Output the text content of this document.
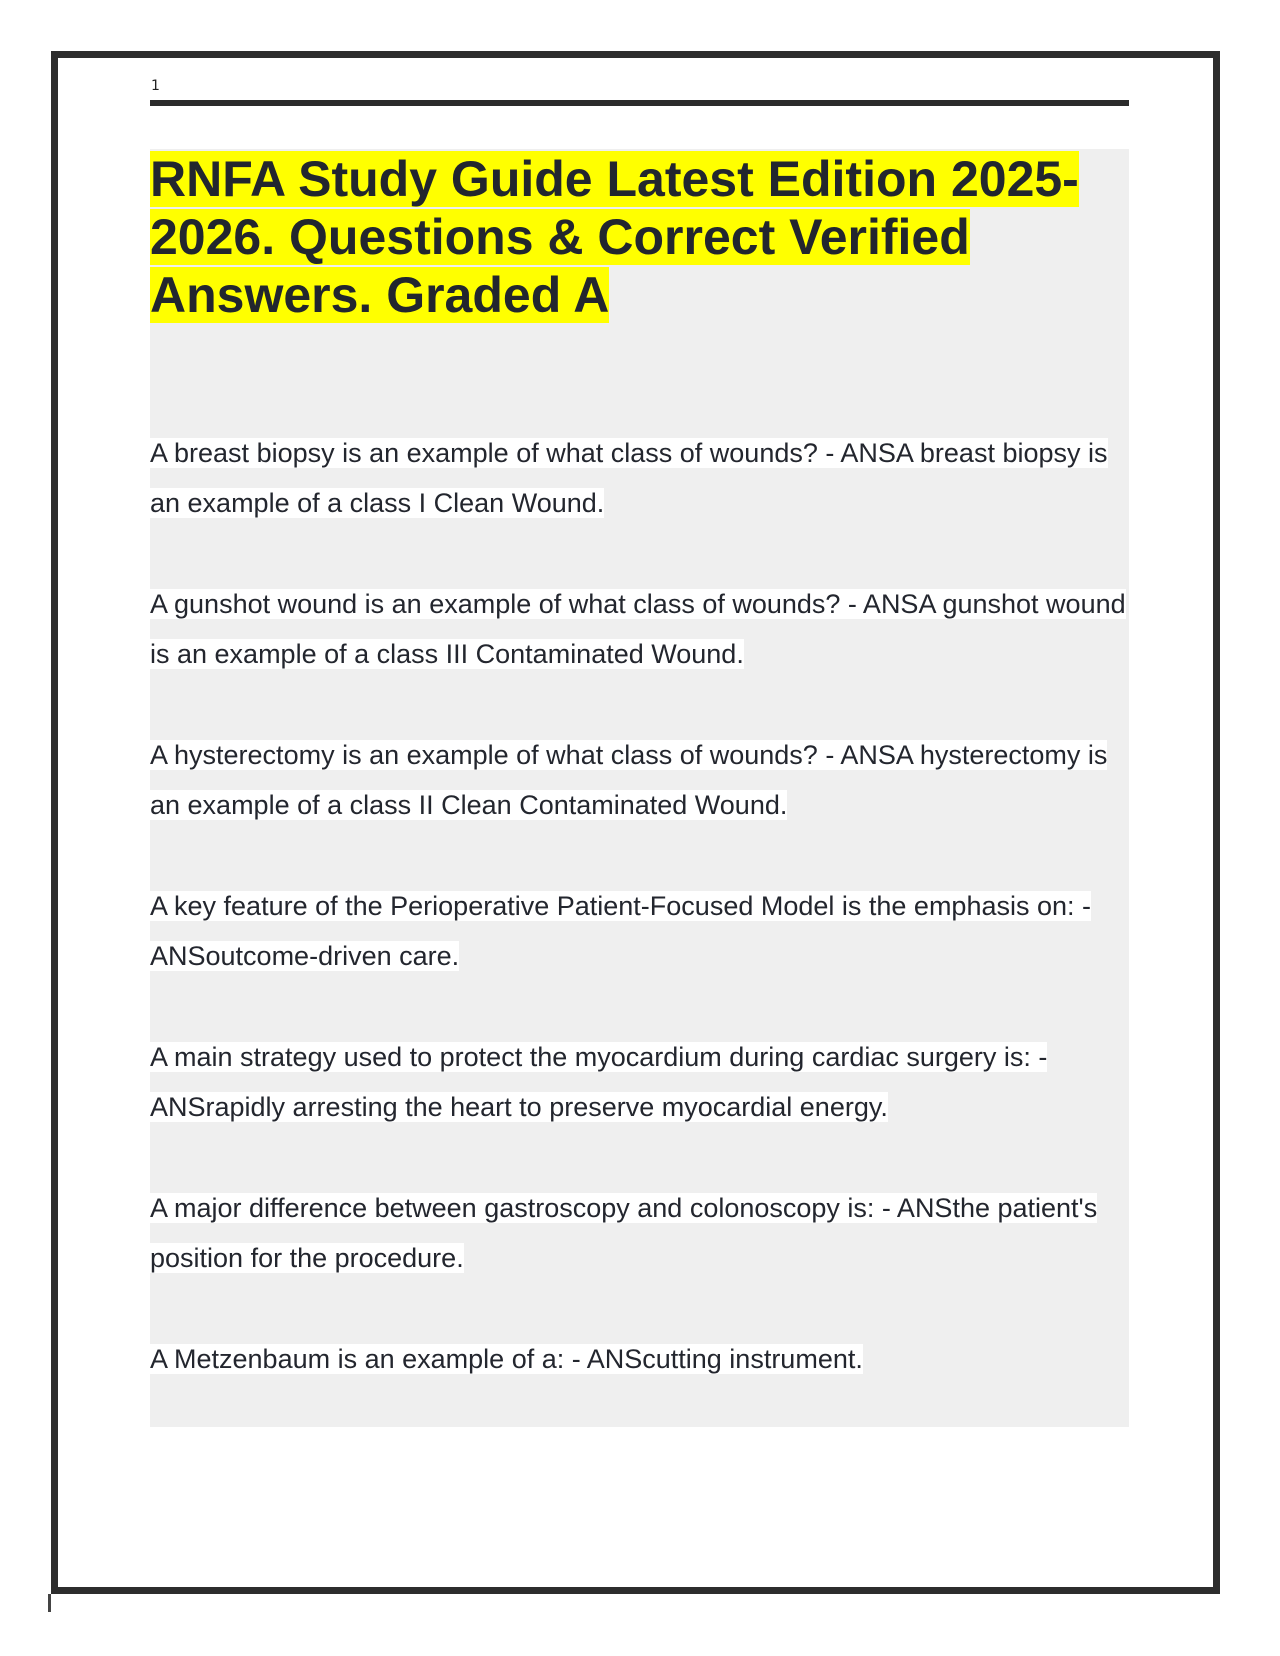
1
RNFA Study Guide Latest Edition 2025-2026. Questions & Correct Verified Answers. Graded A
A breast biopsy is an example of what class of wounds? - ANSA breast biopsy is an example of a class I Clean Wound.
A gunshot wound is an example of what class of wounds? - ANSA gunshot wound is an example of a class III Contaminated Wound.
A hysterectomy is an example of what class of wounds? - ANSA hysterectomy is an example of a class II Clean Contaminated Wound.
A key feature of the Perioperative Patient-Focused Model is the emphasis on: - ANSoutcome-driven care.
A main strategy used to protect the myocardium during cardiac surgery is: - ANSrapidly arresting the heart to preserve myocardial energy.
A major difference between gastroscopy and colonoscopy is: - ANSthe patient's position for the procedure.
A Metzenbaum is an example of a: - ANScutting instrument.
